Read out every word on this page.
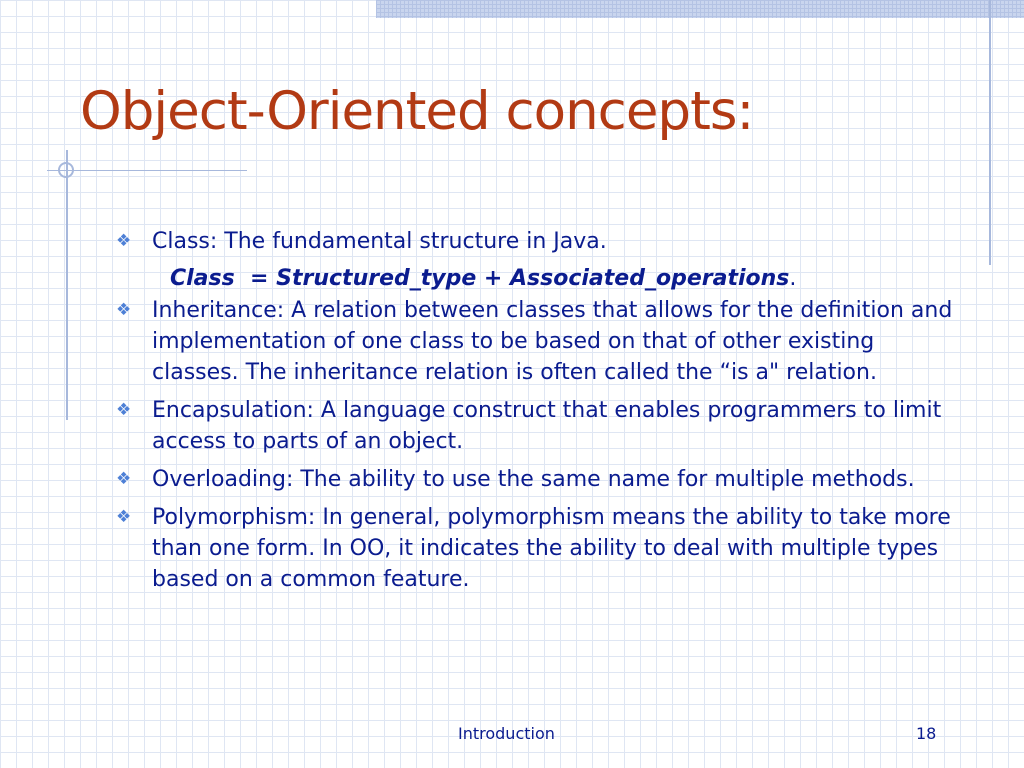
Object-Oriented concepts:
❖ Class: The fundamental structure in Java.
❖ Inheritance: A relation between classes that allows for the definition and implementation of one class to be based on that of other existing classes. The inheritance relation is often called the “is a" relation.
❖ Encapsulation: A language construct that enables programmers to limit access to parts of an object.
❖ Overloading: The ability to use the same name for multiple methods.
❖ Polymorphism: In general, polymorphism means the ability to take more than one form. In OO, it indicates the ability to deal with multiple types based on a common feature.
Class  = Structured_type + Associated_operations.
Introduction	18
